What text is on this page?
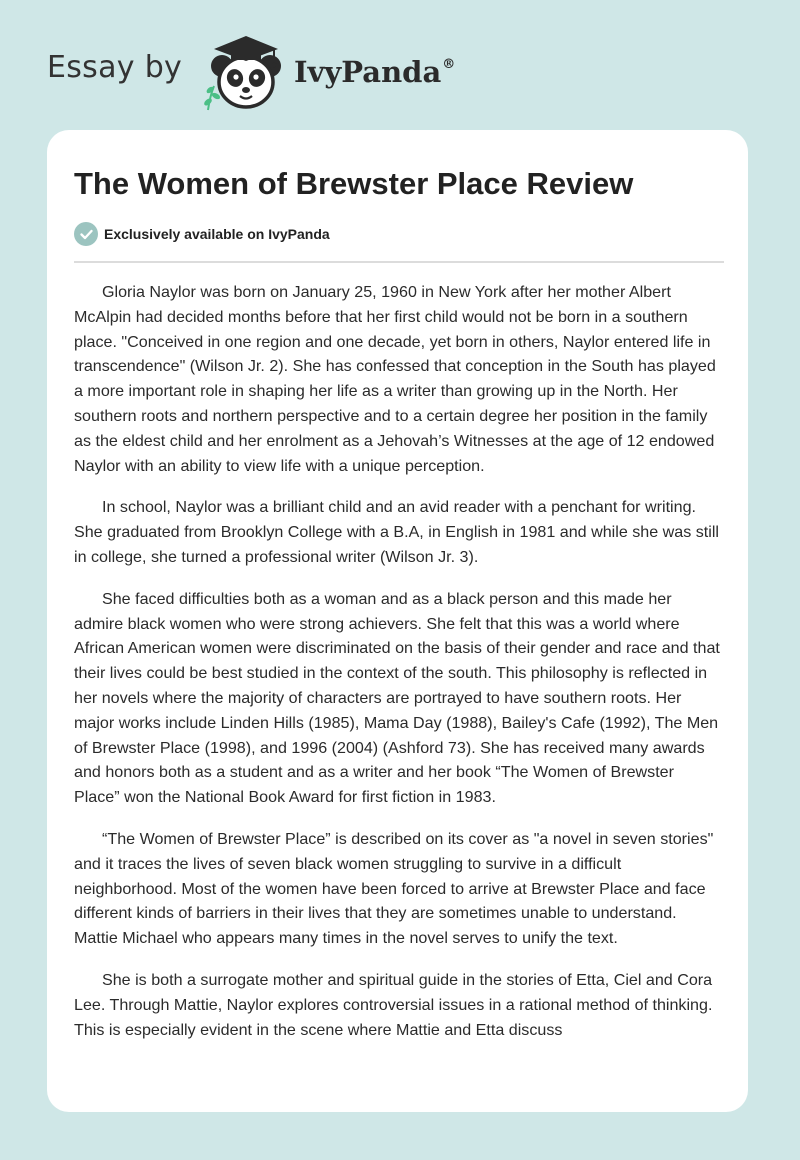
Essay by	IvyPanda®
The Women of Brewster Place Review
Exclusively available on IvyPanda

Gloria Naylor was born on January 25, 1960 in New York after her mother Albert McAlpin had decided months before that her first child would not be born in a southern place. "Conceived in one region and one decade, yet born in others, Naylor entered life in transcendence" (Wilson Jr. 2). She has confessed that conception in the South has played a more important role in shaping her life as a writer than growing up in the North. Her southern roots and northern perspective and to a certain degree her position in the family as the eldest child and her enrolment as a Jehovah’s Witnesses at the age of 12 endowed Naylor with an ability to view life with a unique perception.

In school, Naylor was a brilliant child and an avid reader with a penchant for writing. She graduated from Brooklyn College with a B.A, in English in 1981 and while she was still in college, she turned a professional writer (Wilson Jr. 3).

She faced difficulties both as a woman and as a black person and this made her admire black women who were strong achievers. She felt that this was a world where African American women were discriminated on the basis of their gender and race and that their lives could be best studied in the context of the south. This philosophy is reflected in her novels where the majority of characters are portrayed to have southern roots. Her major works include Linden Hills (1985), Mama Day (1988), Bailey's Cafe (1992), The Men of Brewster Place (1998), and 1996 (2004) (Ashford 73). She has received many awards and honors both as a student and as a writer and her book “The Women of Brewster Place” won the National Book Award for first fiction in 1983.

“The Women of Brewster Place” is described on its cover as "a novel in seven stories" and it traces the lives of seven black women struggling to survive in a difficult neighborhood. Most of the women have been forced to arrive at Brewster Place and face different kinds of barriers in their lives that they are sometimes unable to understand. Mattie Michael who appears many times in the novel serves to unify the text.

She is both a surrogate mother and spiritual guide in the stories of Etta, Ciel and Cora Lee. Through Mattie, Naylor explores controversial issues in a rational method of thinking. This is especially evident in the scene where Mattie and Etta discuss
